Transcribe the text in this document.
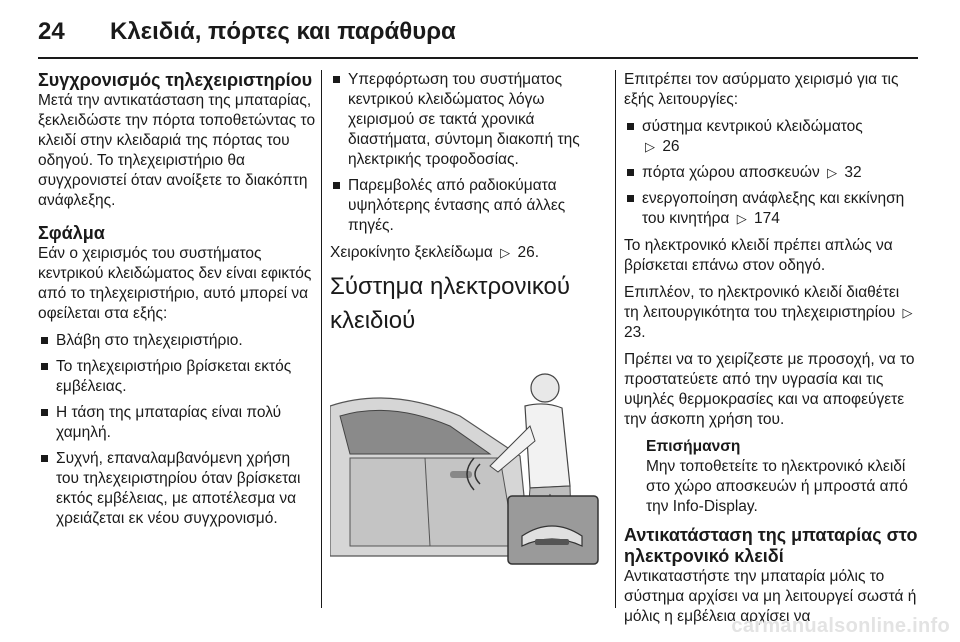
24	Κλειδιά, πόρτες και παράθυρα
Συγχρονισμός τηλεχειριστηρίου

Μετά την αντικατάσταση της μπαταρίας, ξεκλειδώστε την πόρτα τοποθετώντας το κλειδί στην κλειδαριά της πόρτας του οδηγού. Το τηλεχειριστήριο θα συγχρονιστεί όταν ανοίξετε το διακόπτη ανάφλεξης.

Σφάλμα

Εάν ο χειρισμός του συστήματος κεντρικού κλειδώματος δεν είναι εφικτός από το τηλεχειριστήριο, αυτό μπορεί να οφείλεται στα εξής:

Βλάβη στο τηλεχειριστήριο.
Το τηλεχειριστήριο βρίσκεται εκτός εμβέλειας.
Η τάση της μπαταρίας είναι πολύ χαμηλή.
Συχνή, επαναλαμβανόμενη χρήση του τηλεχειριστηρίου όταν βρίσκεται εκτός εμβέλειας, με αποτέλεσμα να χρειάζεται εκ νέου συγχρονισμό.
Υπερφόρτωση του συστήματος κεντρικού κλειδώματος λόγω χειρισμού σε τακτά χρονικά διαστήματα, σύντομη διακοπή της ηλεκτρικής τροφοδοσίας.
Παρεμβολές από ραδιοκύματα υψηλότερης έντασης από άλλες πηγές.

Χειροκίνητο ξεκλείδωμα ▷ 26.

Σύστημα ηλεκτρονικού κλειδιού

Επιτρέπει τον ασύρματο χειρισμό για τις εξής λειτουργίες:

σύστημα κεντρικού κλειδώματος
▷ 26
πόρτα χώρου αποσκευών ▷ 32
ενεργοποίηση ανάφλεξης και εκκίνηση του κινητήρα ▷ 174

Το ηλεκτρονικό κλειδί πρέπει απλώς να βρίσκεται επάνω στον οδηγό.

Επιπλέον, το ηλεκτρονικό κλειδί διαθέτει τη λειτουργικότητα του τηλεχειριστηρίου ▷ 23.

Πρέπει να το χειρίζεστε με προσοχή, να το προστατεύετε από την υγρασία και τις υψηλές θερμοκρασίες και να αποφεύγετε την άσκοπη χρήση του.

Επισήμανση
Μην τοποθετείτε το ηλεκτρονικό κλειδί στο χώρο αποσκευών ή μπροστά από την Info-Display.
Αντικατάσταση της μπαταρίας στο ηλεκτρονικό κλειδί

Αντικαταστήστε την μπαταρία μόλις το σύστημα αρχίσει να μη λειτουργεί σωστά ή μόλις η εμβέλεια αρχίσει να

carmanualsonline.info
